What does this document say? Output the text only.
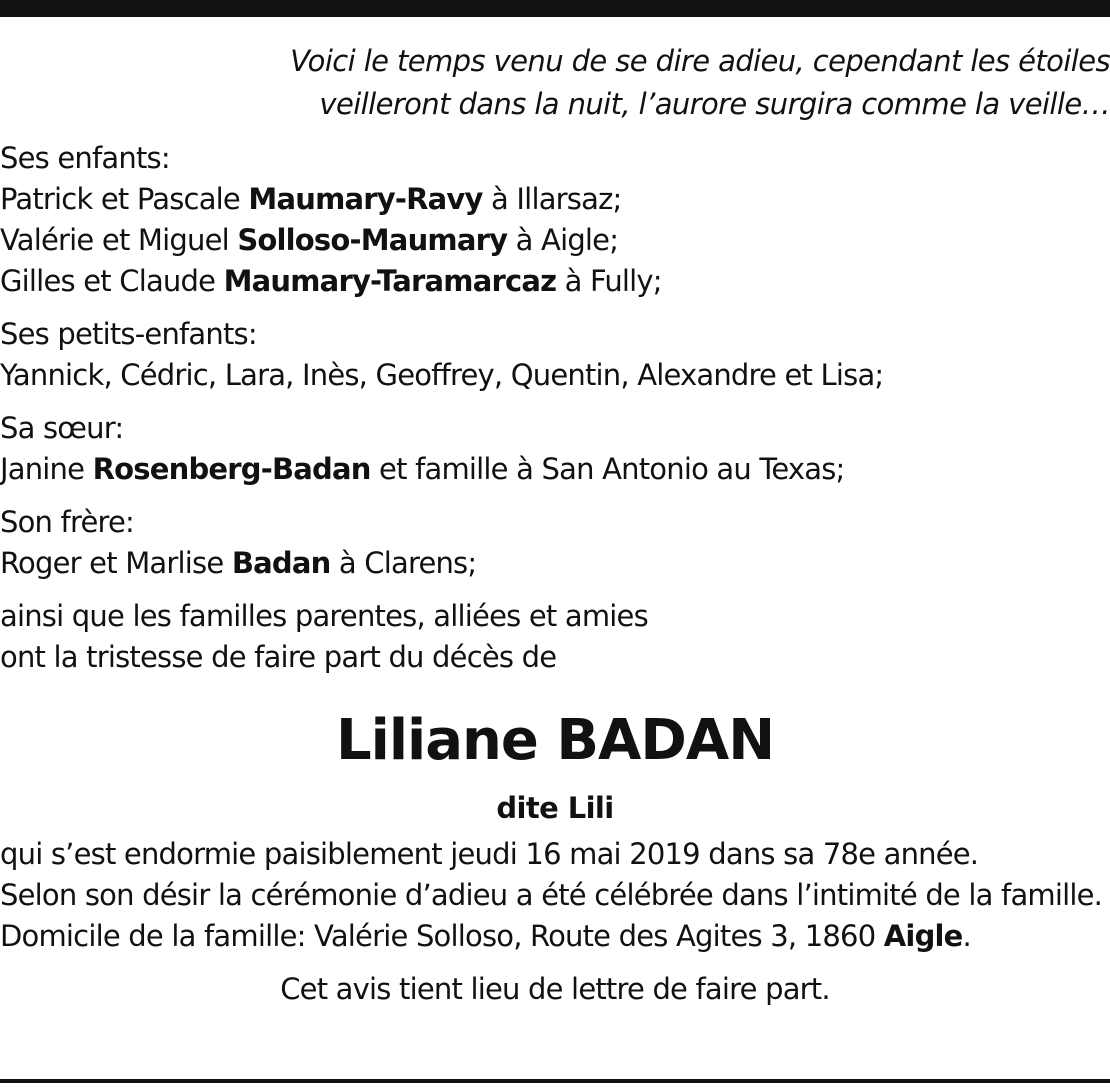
Voici le temps venu de se dire adieu, cependant les étoiles
veilleront dans la nuit, l’aurore surgira comme la veille…
Ses enfants:
Patrick et Pascale Maumary-Ravy à Illarsaz;
Valérie et Miguel Solloso-Maumary à Aigle;
Gilles et Claude Maumary-Taramarcaz à Fully;
Ses petits-enfants:
Yannick, Cédric, Lara, Inès, Geoffrey, Quentin, Alexandre et Lisa;
Sa sœur:
Janine Rosenberg-Badan et famille à San Antonio au Texas;
Son frère:
Roger et Marlise Badan à Clarens;
ainsi que les familles parentes, alliées et amies
ont la tristesse de faire part du décès de
Liliane BADAN
dite Lili
qui s’est endormie paisiblement jeudi 16 mai 2019 dans sa 78e année.
Selon son désir la cérémonie d’adieu a été célébrée dans l’intimité de la famille.
Domicile de la famille: Valérie Solloso, Route des Agites 3, 1860 Aigle.
Cet avis tient lieu de lettre de faire part.
